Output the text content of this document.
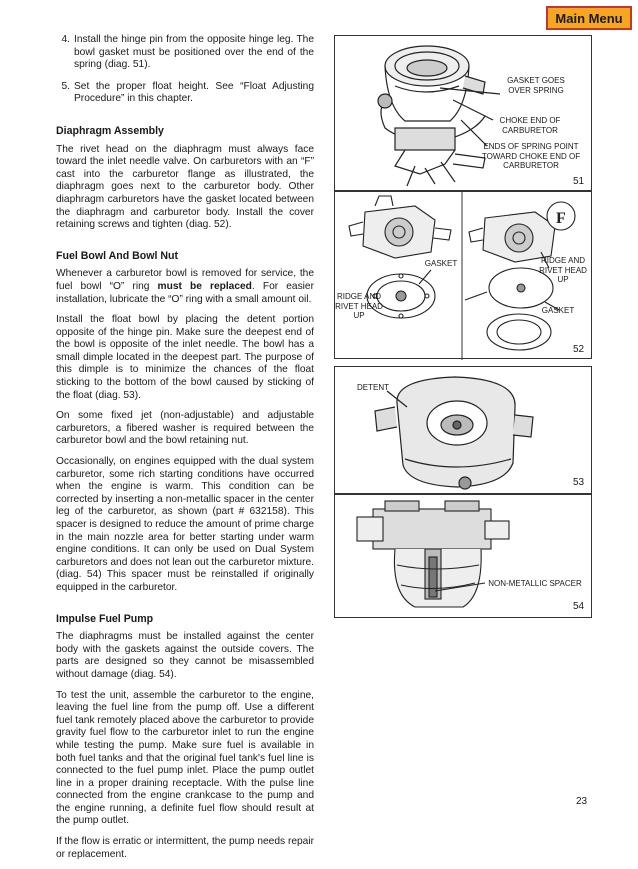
Main Menu
4. Install the hinge pin from the opposite hinge leg. The bowl gasket must be positioned over the end of the spring (diag. 51).
5. Set the proper float height. See “Float Adjusting Procedure” in this chapter.
Diaphragm Assembly

The rivet head on the diaphragm must always face toward the inlet needle valve. On carburetors with an “F” cast into the carburetor flange as illustrated, the diaphragm goes next to the carburetor body. Other diaphragm carburetors have the gasket located between the diaphragm and carburetor body. Install the cover retaining screws and tighten (diag. 52).

Fuel Bowl And Bowl Nut

Whenever a carburetor bowl is removed for service, the fuel bowl “O” ring must be replaced. For easier installation, lubricate the “O” ring with a small amount oil.

Install the float bowl by placing the detent portion opposite of the hinge pin. Make sure the deepest end of the bowl is opposite of the inlet needle. The bowl has a small dimple located in the deepest part. The purpose of this dimple is to minimize the chances of the float sticking to the bottom of the bowl caused by sticking of the float (diag. 53).

On some fixed jet (non-adjustable) and adjustable carburetors, a fibered washer is required between the carburetor bowl and the bowl retaining nut.

Occasionally, on engines equipped with the dual system carburetor, some rich starting conditions have occurred when the engine is warm. This condition can be corrected by inserting a non-metallic spacer in the center leg of the carburetor, as shown (part # 632158). This spacer is designed to reduce the amount of prime charge in the main nozzle area for better starting under warm engine conditions. It can only be used on Dual System carburetors and does not lean out the carburetor mixture. (diag. 54) This spacer must be reinstalled if originally equipped in the carburetor.

Impulse Fuel Pump

The diaphragms must be installed against the center body with the gaskets against the outside covers. The parts are designed so they cannot be misassembled without damage (diag. 54).

To test the unit, assemble the carburetor to the engine, leaving the fuel line from the pump off. Use a different fuel tank remotely placed above the carburetor to provide gravity fuel flow to the carburetor inlet to run the engine while testing the pump. Make sure fuel is available in both fuel tanks and that the original fuel tank's fuel line is connected to the fuel pump inlet. Place the pump outlet line in a proper draining receptacle. With the pulse line connected from the engine crankcase to the pump and the engine running, a definite fuel flow should result at the pump outlet.

If the flow is erratic or intermittent, the pump needs repair or replacement.

GASKET GOES OVER SPRING
CHOKE END OF CARBURETOR
ENDS OF SPRING POINT TOWARD CHOKE END OF CARBURETOR
51
F
GASKET
RIDGE AND RIVET HEAD UP
RIDGE AND RIVET HEAD UP
GASKET
52
DETENT
53
NON-METALLIC SPACER
54
23
